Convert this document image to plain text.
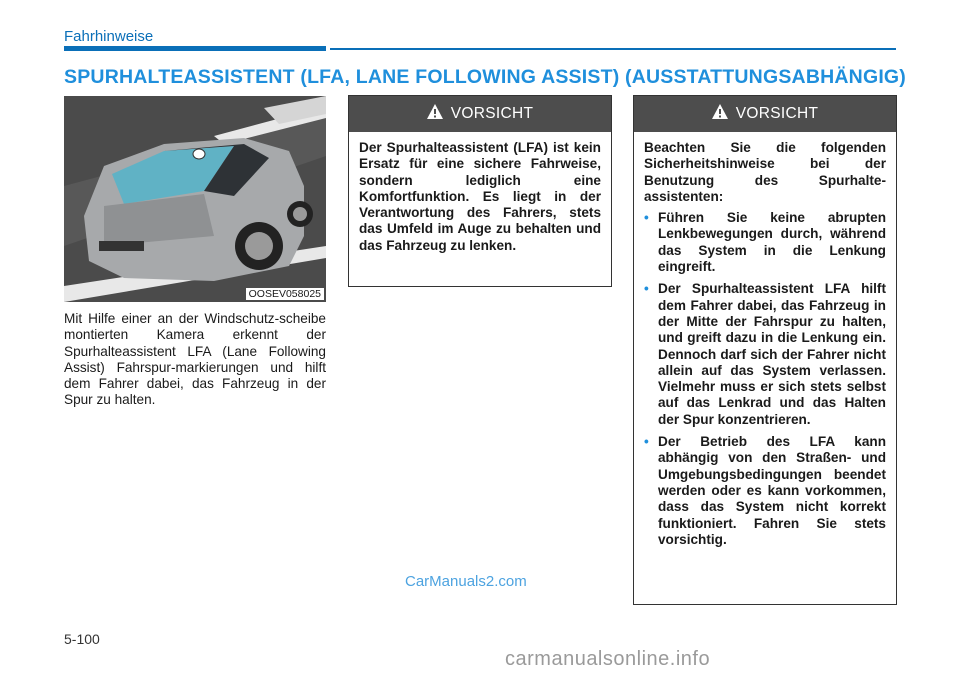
Fahrhinweise
SPURHALTEASSISTENT (LFA, LANE FOLLOWING ASSIST) (AUSSTATTUNGSABHÄNGIG)
OOSEV058025
Mit Hilfe einer an der Windschutz-scheibe montierten Kamera erkennt der Spurhalteassistent LFA (Lane Following Assist) Fahrspur-markierungen und hilft dem Fahrer dabei, das Fahrzeug in der Spur zu halten.
VORSICHT
Der Spurhalteassistent (LFA) ist kein Ersatz für eine sichere Fahrweise, sondern lediglich eine Komfortfunktion. Es liegt in der Verantwortung des Fahrers, stets das Umfeld im Auge zu behalten und das Fahrzeug zu lenken.
VORSICHT
Beachten Sie die folgenden Sicherheitshinweise bei der Benutzung des Spurhalte-assistenten:
• Führen Sie keine abrupten Lenkbewegungen durch, während das System in die Lenkung eingreift.
• Der Spurhalteassistent LFA hilft dem Fahrer dabei, das Fahrzeug in der Mitte der Fahrspur zu halten, und greift dazu in die Lenkung ein. Dennoch darf sich der Fahrer nicht allein auf das System verlassen. Vielmehr muss er sich stets selbst auf das Lenkrad und das Halten der Spur konzentrieren.
• Der Betrieb des LFA kann abhängig von den Straßen- und Umgebungsbedingungen beendet werden oder es kann vorkommen, dass das System nicht korrekt funktioniert. Fahren Sie stets vorsichtig.
CarManuals2.com
5-100
carmanualsonline.info
